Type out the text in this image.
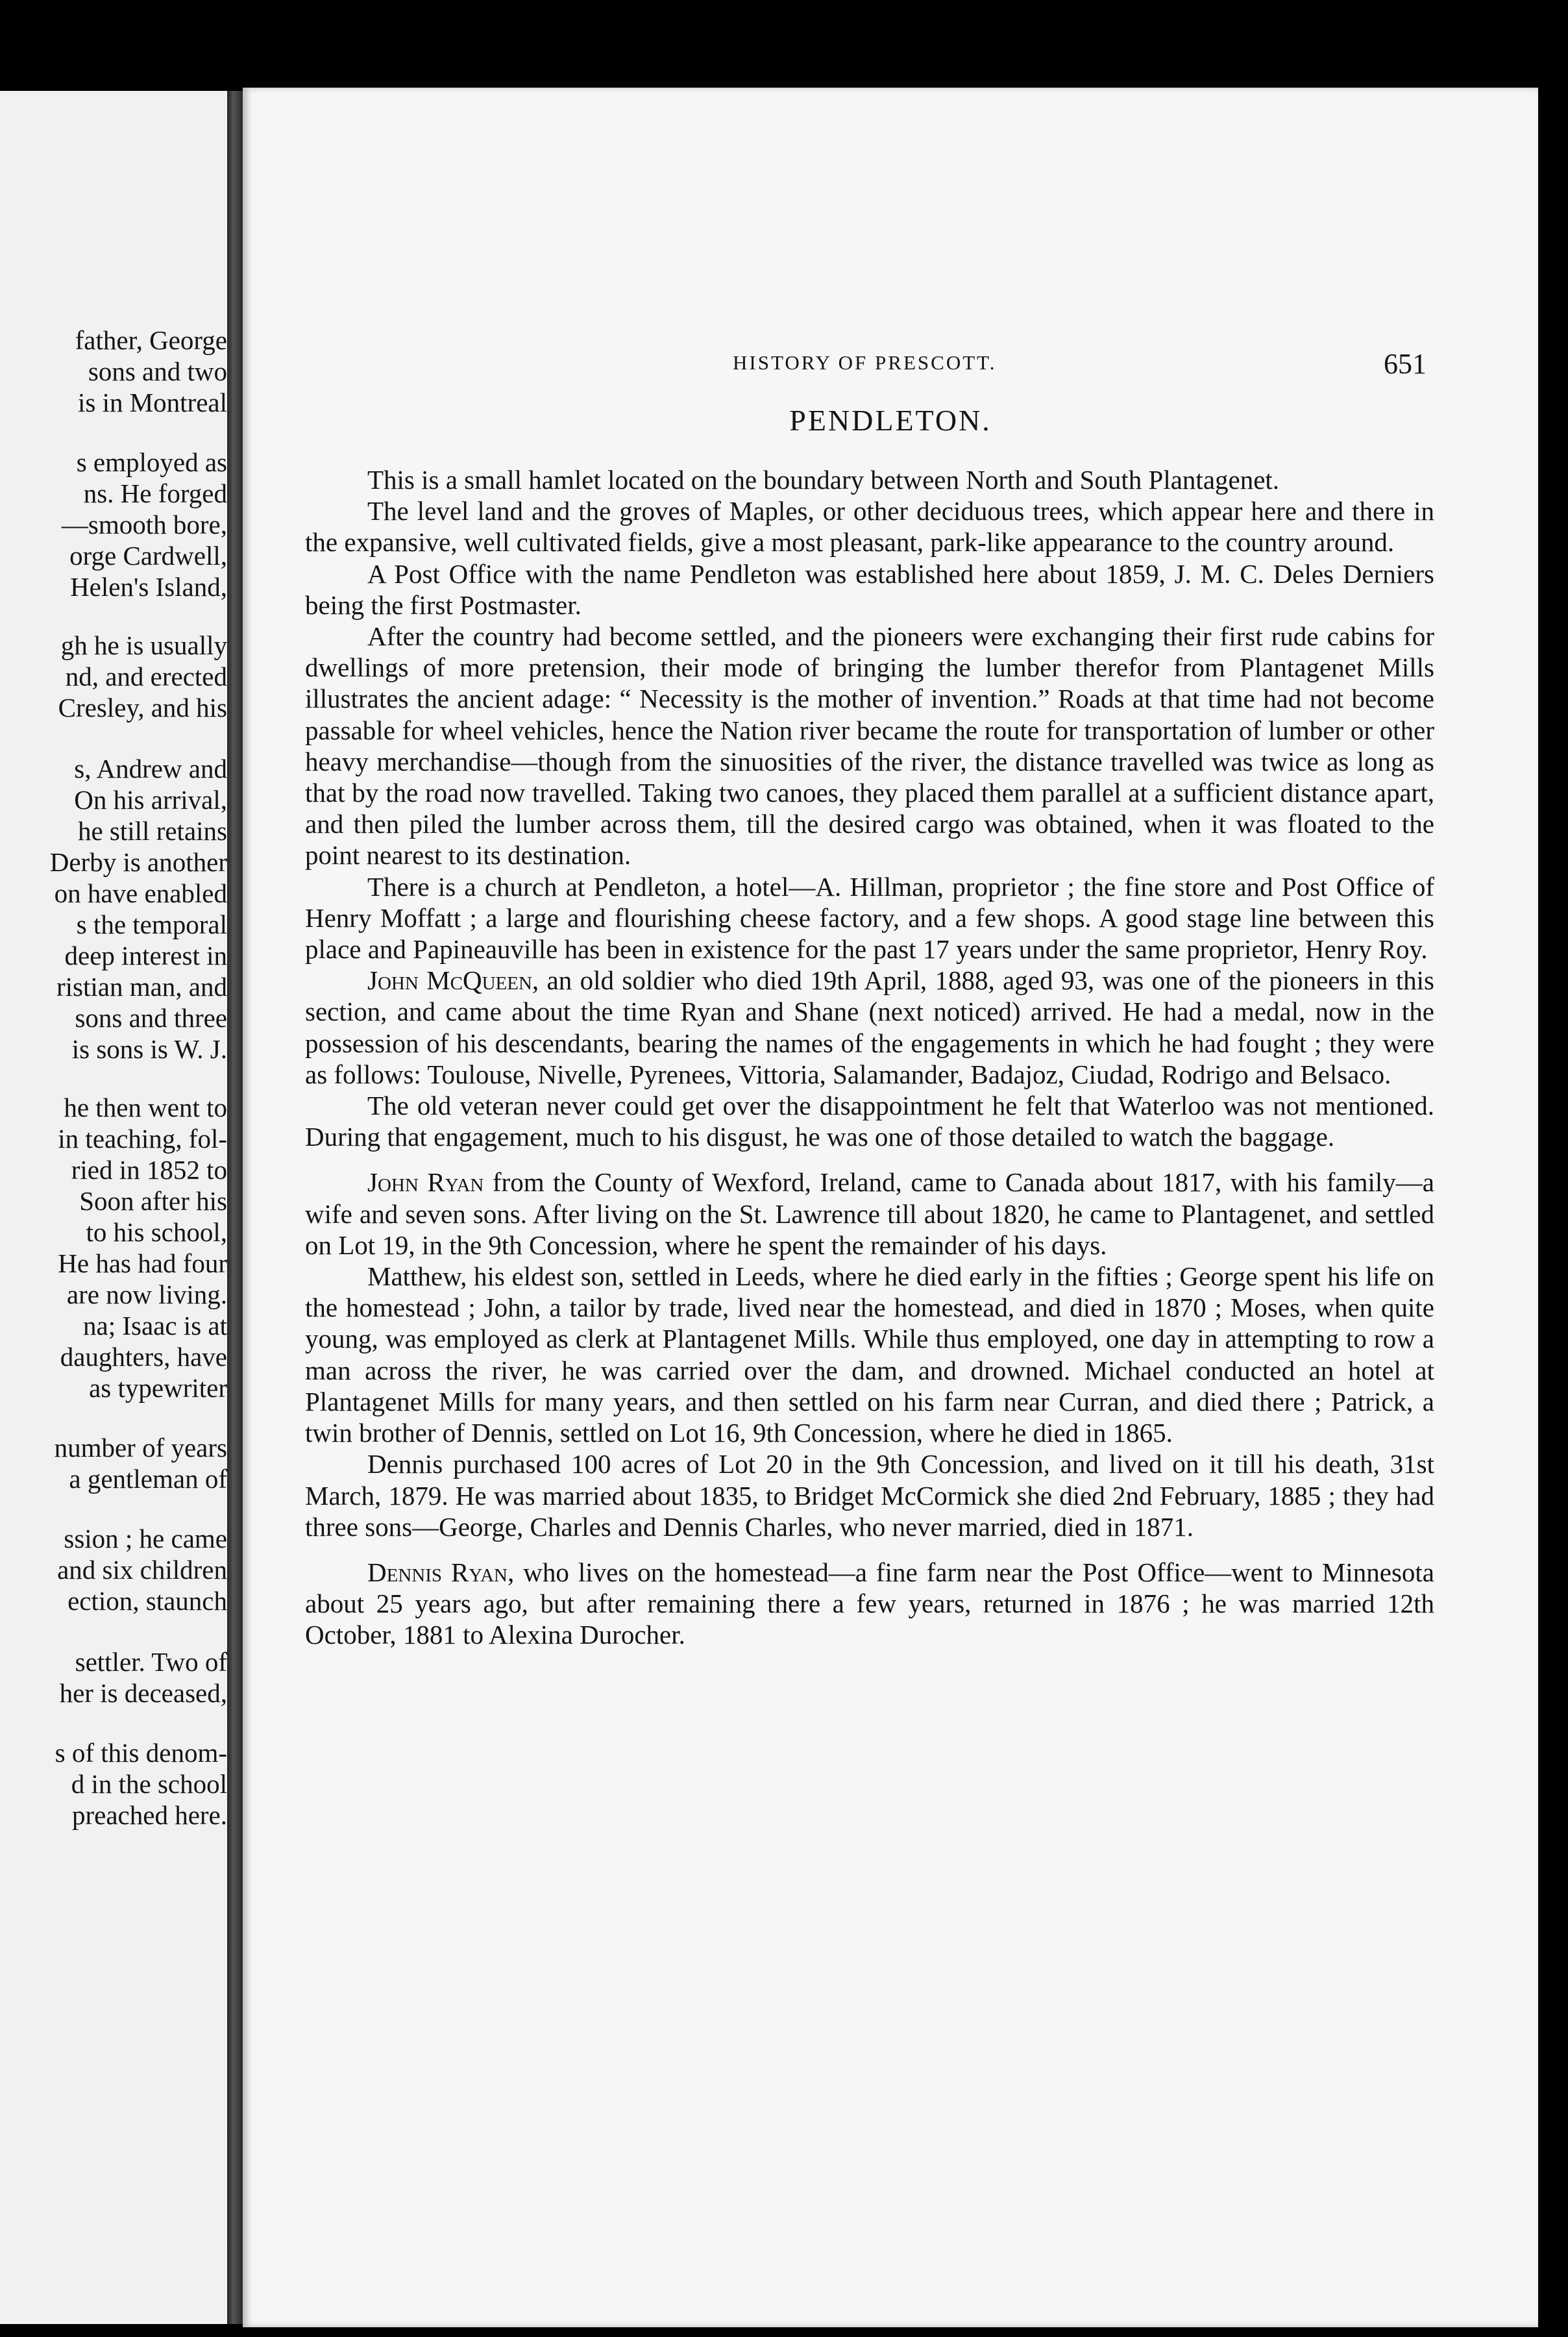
father, George

sons and two

is in Montreal

s employed as

ns. He forged

—smooth bore,

orge Cardwell,

Helen's Island,

gh he is usually

nd, and erected

Cresley, and his

s, Andrew and

On his arrival,

he still retains

Derby is another

on have enabled

s the temporal

deep interest in

ristian man, and

sons and three

is sons is W. J.

he then went to

in teaching, fol-

ried in 1852 to

Soon after his

to his school,

He has had four

are now living.

na; Isaac is at

daughters, have

as typewriter

number of years

a gentleman of

ssion ; he came

and six children

ection, staunch

settler. Two of

her is deceased,

s of this denom-

d in the school

preached here.

HISTORY OF PRESCOTT.	651
PENDLETON.

This is a small hamlet located on the boundary between North and South Plantagenet.

The level land and the groves of Maples, or other deciduous trees, which appear here and there in the expansive, well cultivated fields, give a most pleasant, park-like appearance to the country around.

A Post Office with the name Pendleton was established here about 1859, J. M. C. Deles Derniers being the first Postmaster.

After the country had become settled, and the pioneers were exchanging their first rude cabins for dwellings of more pretension, their mode of bringing the lumber therefor from Plantagenet Mills illustrates the ancient adage: “ Necessity is the mother of invention.” Roads at that time had not become passable for wheel vehicles, hence the Nation river became the route for transportation of lumber or other heavy merchandise—though from the sinuosities of the river, the distance travelled was twice as long as that by the road now travelled. Taking two canoes, they placed them parallel at a sufficient distance apart, and then piled the lumber across them, till the desired cargo was obtained, when it was floated to the point nearest to its destination.

There is a church at Pendleton, a hotel—A. Hillman, proprietor ; the fine store and Post Office of Henry Moffatt ; a large and flourishing cheese factory, and a few shops. A good stage line between this place and Papineauville has been in existence for the past 17 years under the same proprietor, Henry Roy.

John McQueen, an old soldier who died 19th April, 1888, aged 93, was one of the pioneers in this section, and came about the time Ryan and Shane (next noticed) arrived. He had a medal, now in the possession of his descendants, bearing the names of the engagements in which he had fought ; they were as follows: Toulouse, Nivelle, Pyrenees, Vittoria, Salamander, Badajoz, Ciudad, Rodrigo and Belsaco.

The old veteran never could get over the disappointment he felt that Waterloo was not mentioned. During that engagement, much to his disgust, he was one of those detailed to watch the baggage.

John Ryan from the County of Wexford, Ireland, came to Canada about 1817, with his family—a wife and seven sons. After living on the St. Lawrence till about 1820, he came to Plantagenet, and settled on Lot 19, in the 9th Concession, where he spent the remainder of his days.

Matthew, his eldest son, settled in Leeds, where he died early in the fifties ; George spent his life on the homestead ; John, a tailor by trade, lived near the homestead, and died in 1870 ; Moses, when quite young, was employed as clerk at Plantagenet Mills. While thus employed, one day in attempting to row a man across the river, he was carried over the dam, and drowned. Michael conducted an hotel at Plantagenet Mills for many years, and then settled on his farm near Curran, and died there ; Patrick, a twin brother of Dennis, settled on Lot 16, 9th Concession, where he died in 1865.

Dennis purchased 100 acres of Lot 20 in the 9th Concession, and lived on it till his death, 31st March, 1879. He was married about 1835, to Bridget McCormick she died 2nd February, 1885 ; they had three sons—George, Charles and Dennis Charles, who never married, died in 1871.

Dennis Ryan, who lives on the homestead—a fine farm near the Post Office—went to Minnesota about 25 years ago, but after remaining there a few years, returned in 1876 ; he was married 12th October, 1881 to Alexina Durocher.
